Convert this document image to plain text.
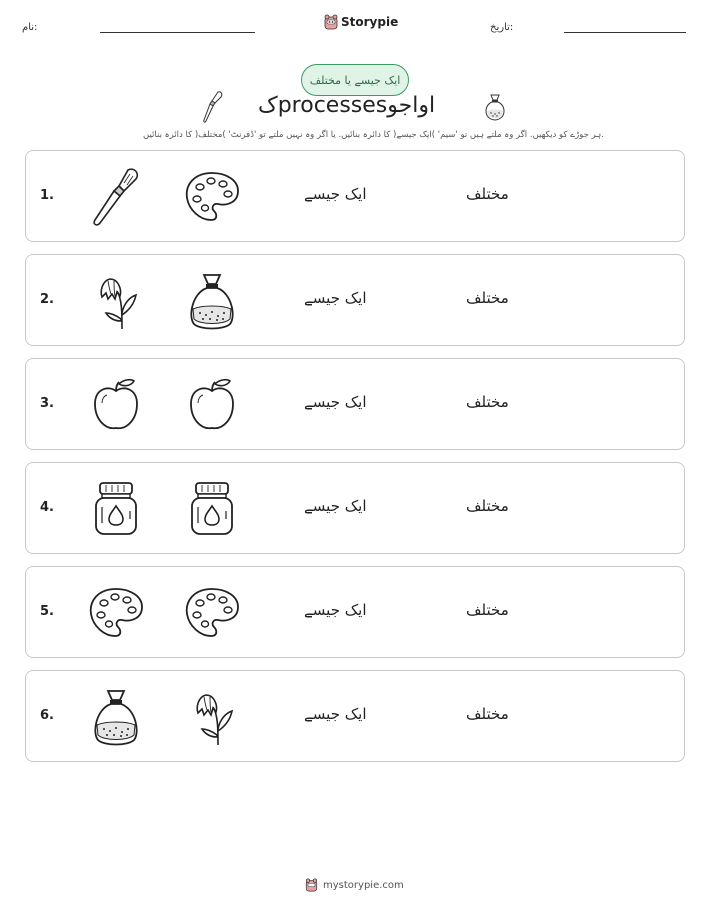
نام:	Storypie	تاریخ:
ایک جیسے یا مختلف
کprocessesاواجو
ہر جوڑے کو دیکھیں. اگر وہ ملتے ہیں تو 'سیم' )ایک جیسے( کا دائرہ بنائیں. یا اگر وہ نہیں ملتے تو 'ڈفرنٹ' )مختلف( کا دائرہ بنائیں.
1.	ایک جیسے	مختلف
2.	ایک جیسے	مختلف
3.	ایک جیسے	مختلف
4.	ایک جیسے	مختلف
5.	ایک جیسے	مختلف
6.	ایک جیسے	مختلف
mystorypie.com
